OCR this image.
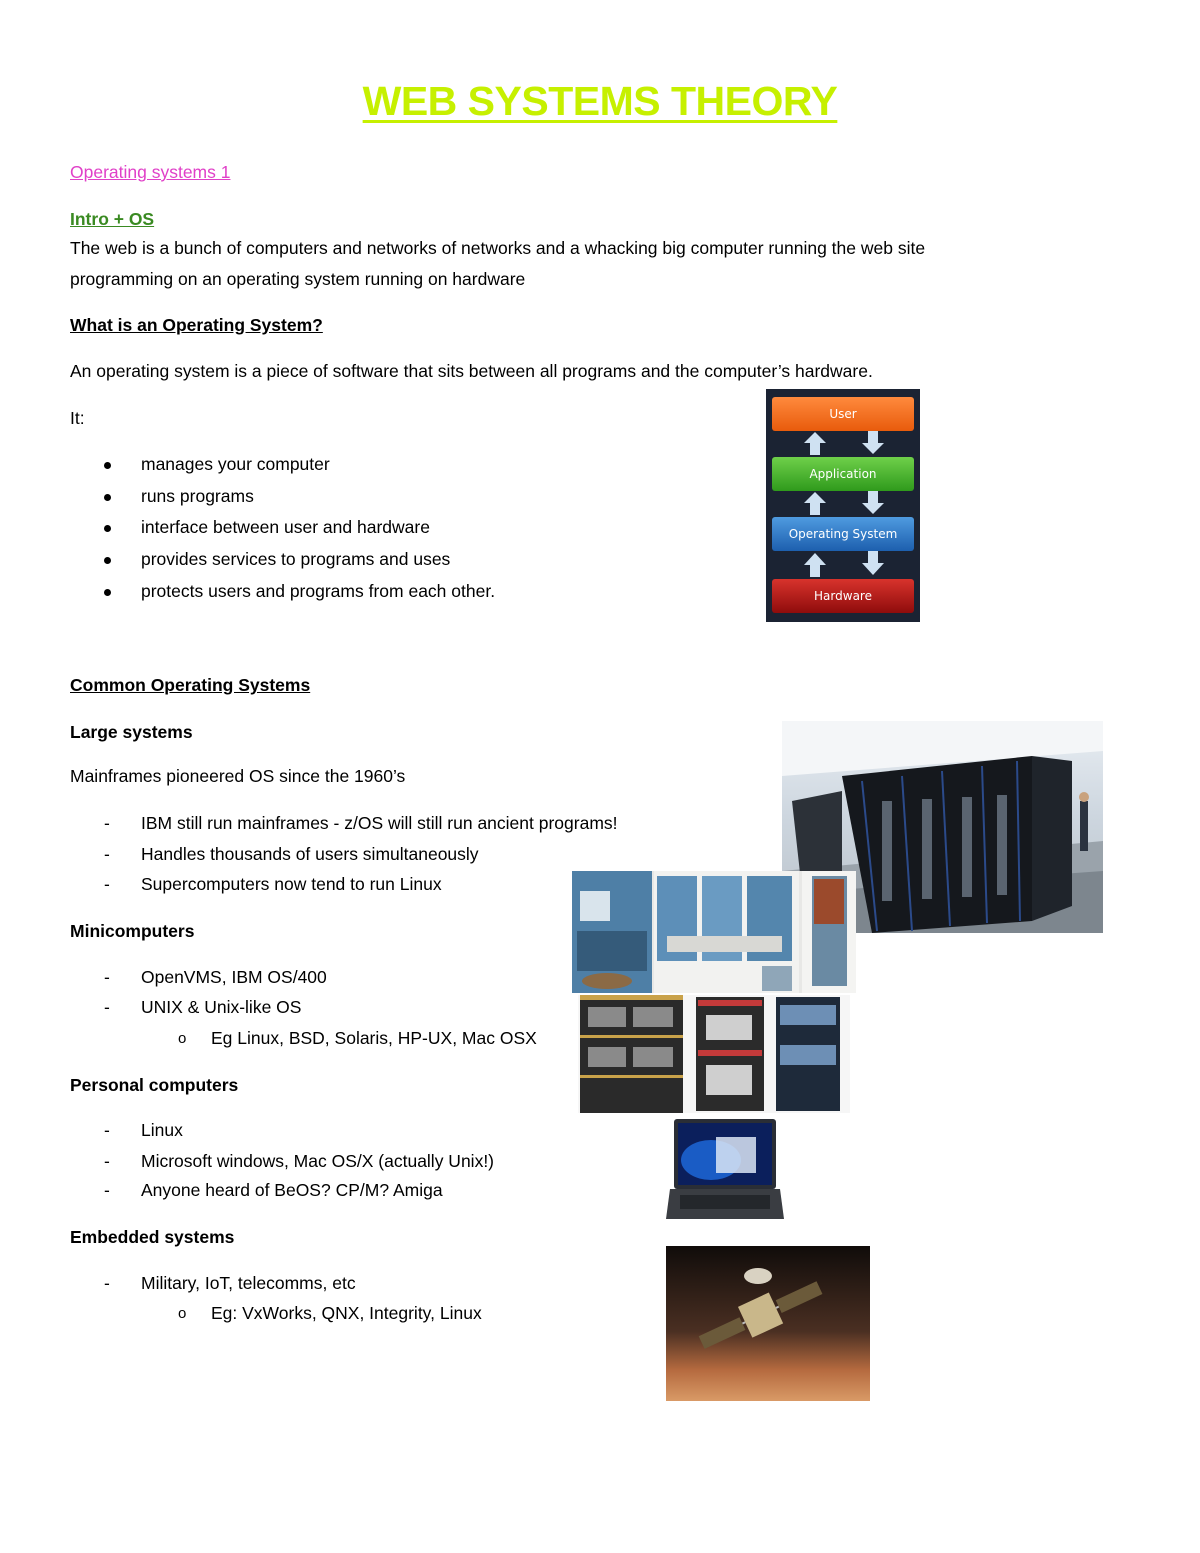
WEB SYSTEMS THEORY
Operating systems 1
Intro + OS
The web is a bunch of computers and networks of networks and a whacking big computer running the web site
programming on an operating system running on hardware
What is an Operating System?
An operating system is a piece of software that sits between all programs and the computer’s hardware.
It:
manages your computer
runs programs
interface between user and hardware
provides services to programs and uses
protects users and programs from each other.
User
Application
Operating System
Hardware
Common Operating Systems
Large systems
Mainframes pioneered OS since the 1960’s
- IBM still run mainframes - z/OS will still run ancient programs!
- Handles thousands of users simultaneously
- Supercomputers now tend to run Linux
Minicomputers
- OpenVMS, IBM OS/400
- UNIX & Unix-like OS
o Eg Linux, BSD, Solaris, HP-UX, Mac OSX
Personal computers
- Linux
- Microsoft windows, Mac OS/X (actually Unix!)
- Anyone heard of BeOS? CP/M? Amiga
Embedded systems
- Military, IoT, telecomms, etc
o Eg: VxWorks, QNX, Integrity, Linux
